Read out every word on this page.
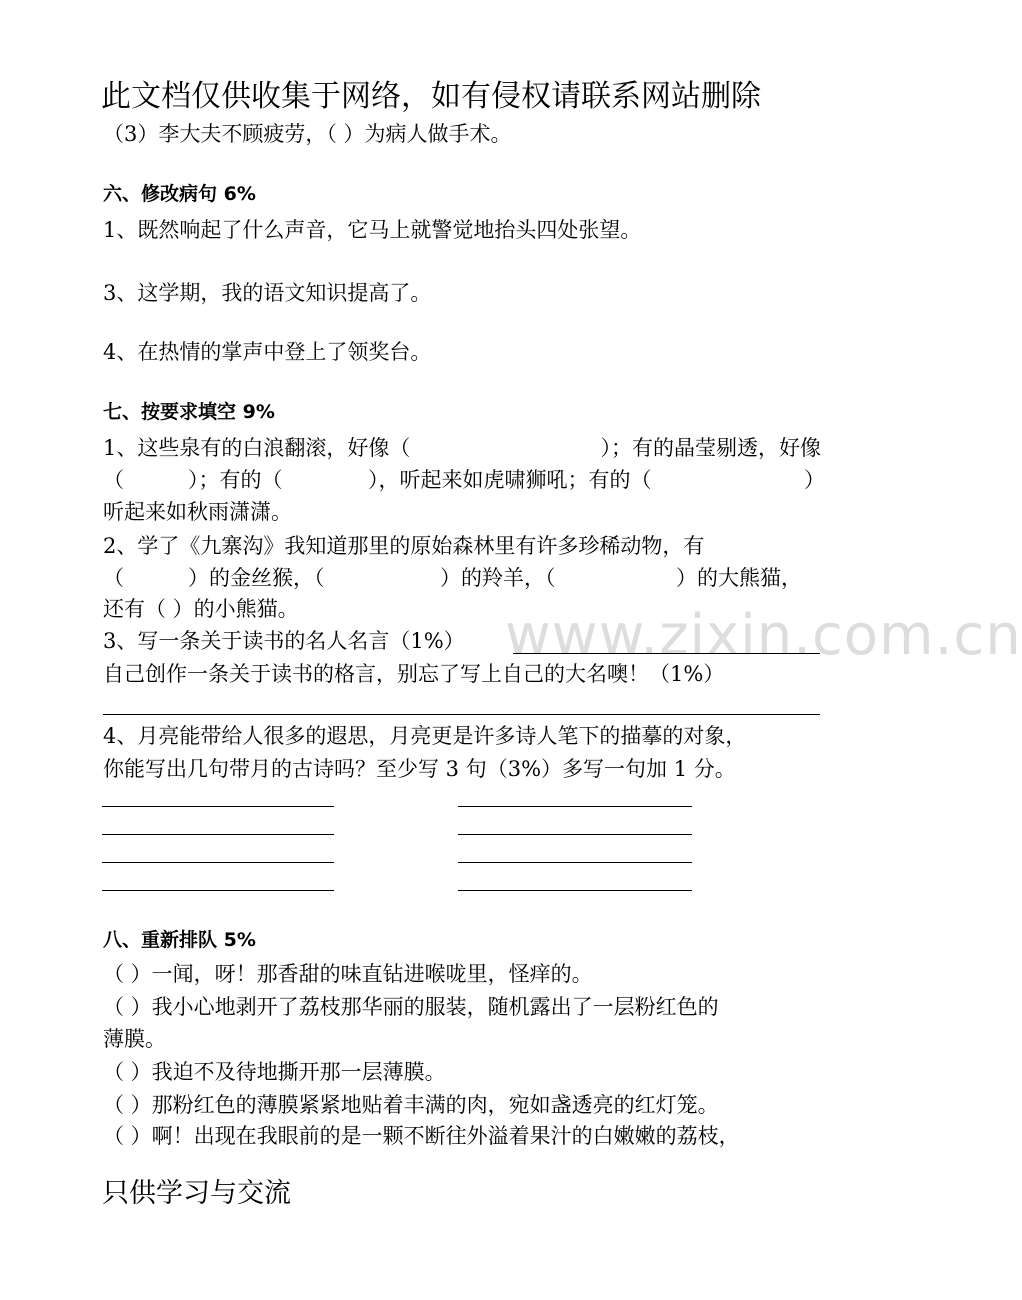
此文档仅供收集于网络，如有侵权请联系网站删除
（3）李大夫不顾疲劳，（ ）为病人做手术。
六、修改病句 6%
1、既然响起了什么声音，它马上就警觉地抬头四处张望。
3、这学期，我的语文知识提高了。
4、在热情的掌声中登上了领奖台。
七、按要求填空 9%
1、这些泉有的白浪翻滚，好像（	）；有的晶莹剔透，好像
（	）；有的（	），听起来如虎啸狮吼；有的（	）
听起来如秋雨潇潇。
2、学了《九寨沟》我知道那里的原始森林里有许多珍稀动物，有
（	）的金丝猴，（	）的羚羊，（	）的大熊猫，
还有（ ）的小熊猫。	www.zixin.com.cn
3、写一条关于读书的名人名言（1%）
自己创作一条关于读书的格言，别忘了写上自己的大名噢！（1%）
4、月亮能带给人很多的遐思，月亮更是许多诗人笔下的描摹的对象，
你能写出几句带月的古诗吗？至少写 3 句（3%）多写一句加 1 分。
八、重新排队 5%
（ ）一闻，呀！那香甜的味直钻进喉咙里，怪痒的。
（ ）我小心地剥开了荔枝那华丽的服装，随机露出了一层粉红色的
薄膜。
（ ）我迫不及待地撕开那一层薄膜。
（ ）那粉红色的薄膜紧紧地贴着丰满的肉，宛如盏透亮的红灯笼。
（ ）啊！出现在我眼前的是一颗不断往外溢着果汁的白嫩嫩的荔枝，
只供学习与交流
